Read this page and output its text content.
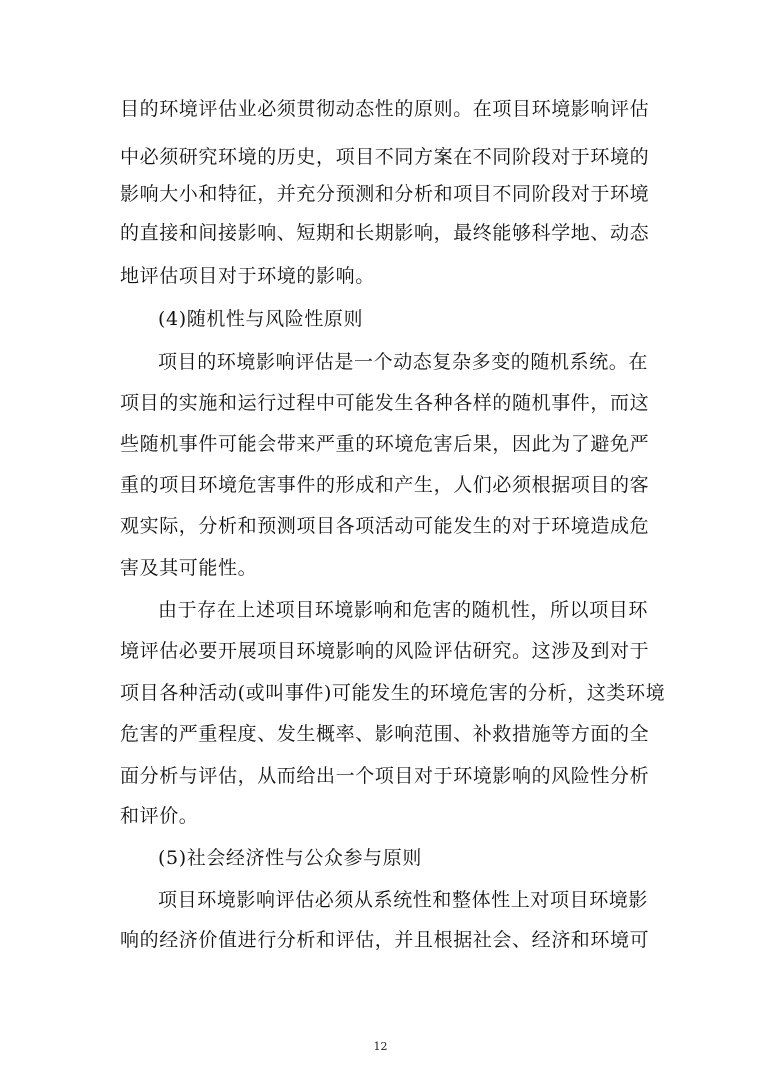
目的环境评估业必须贯彻动态性的原则。在项目环境影响评估
中必须研究环境的历史，项目不同方案在不同阶段对于环境的
影响大小和特征，并充分预测和分析和项目不同阶段对于环境
的直接和间接影响、短期和长期影响，最终能够科学地、动态
地评估项目对于环境的影响。
(4)随机性与风险性原则
项目的环境影响评估是一个动态复杂多变的随机系统。在
项目的实施和运行过程中可能发生各种各样的随机事件，而这
些随机事件可能会带来严重的环境危害后果，因此为了避免严
重的项目环境危害事件的形成和产生，人们必须根据项目的客
观实际，分析和预测项目各项活动可能发生的对于环境造成危
害及其可能性。
由于存在上述项目环境影响和危害的随机性，所以项目环
境评估必要开展项目环境影响的风险评估研究。这涉及到对于
项目各种活动(或叫事件)可能发生的环境危害的分析，这类环境
危害的严重程度、发生概率、影响范围、补救措施等方面的全
面分析与评估，从而给出一个项目对于环境影响的风险性分析
和评价。
(5)社会经济性与公众参与原则
项目环境影响评估必须从系统性和整体性上对项目环境影
响的经济价值进行分析和评估，并且根据社会、经济和环境可
12
